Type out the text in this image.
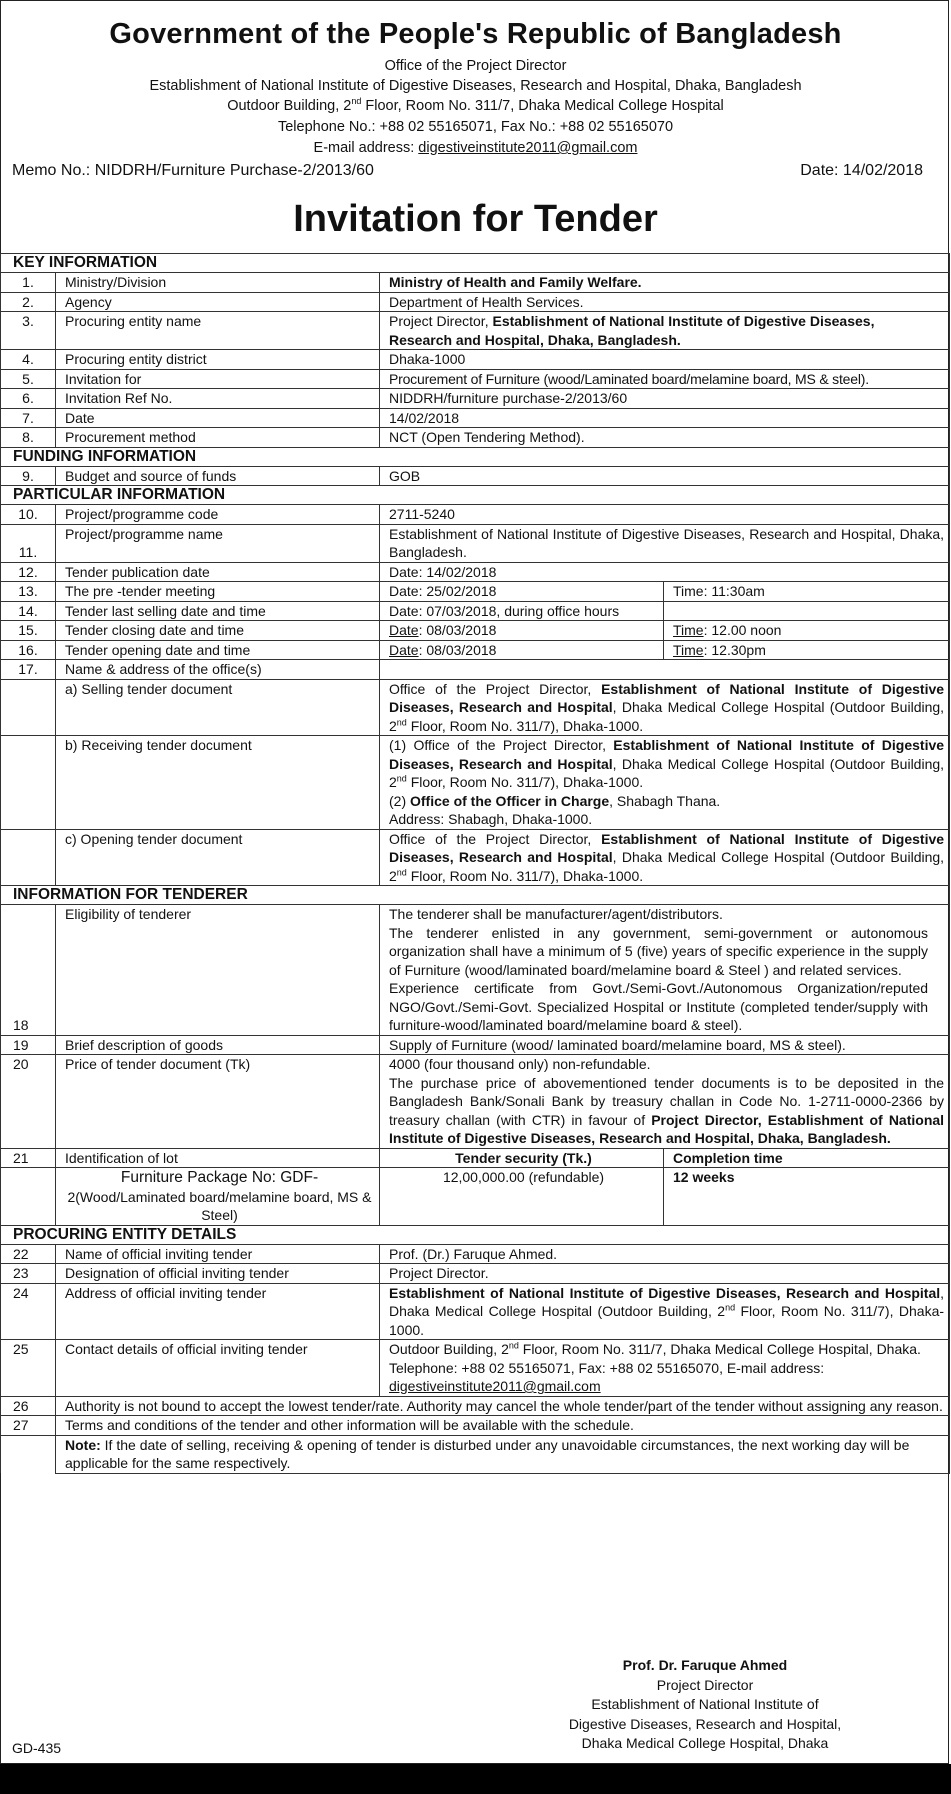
Government of the People's Republic of Bangladesh
Office of the Project Director
Establishment of National Institute of Digestive Diseases, Research and Hospital, Dhaka, Bangladesh
Outdoor Building, 2nd Floor, Room No. 311/7, Dhaka Medical College Hospital
Telephone No.: +88 02 55165071, Fax No.: +88 02 55165070
E-mail address: digestiveinstitute2011@gmail.com
Memo No.: NIDDRH/Furniture Purchase-2/2013/60	Date: 14/02/2018
Invitation for Tender
KEY INFORMATION			
1.	Ministry/Division	Ministry of Health and Family Welfare.	
2.	Agency	Department of Health Services.	
3.	Procuring entity name	Project Director, Establishment of National Institute of Digestive Diseases, Research and Hospital, Dhaka, Bangladesh.	
4.	Procuring entity district	Dhaka-1000	
5.	Invitation for	Procurement of Furniture (wood/Laminated board/melamine board, MS & steel).	
6.	Invitation Ref No.	NIDDRH/furniture purchase-2/2013/60	
7.	Date	14/02/2018	
8.	Procurement method	NCT (Open Tendering Method).	
FUNDING INFORMATION			
9.	Budget and source of funds	GOB	
PARTICULAR INFORMATION			
10.	Project/programme code	2711-5240	
11.	Project/programme name	Establishment of National Institute of Digestive Diseases, Research and Hospital, Dhaka, Bangladesh.	
12.	Tender publication date	Date: 14/02/2018	
13.	The pre -tender meeting	Date: 25/02/2018	Time: 11:30am
14.	Tender last selling date and time	Date: 07/03/2018, during office hours	
15.	Tender closing date and time	Date: 08/03/2018	Time: 12.00 noon
16.	Tender opening date and time	Date: 08/03/2018	Time: 12.30pm
17.	Name & address of the office(s)		
	a) Selling tender document	Office of the Project Director, Establishment of National Institute of Digestive Diseases, Research and Hospital, Dhaka Medical College Hospital (Outdoor Building, 2nd Floor, Room No. 311/7), Dhaka-1000.	
	b) Receiving tender document	(1) Office of the Project Director, Establishment of National Institute of Digestive Diseases, Research and Hospital, Dhaka Medical College Hospital (Outdoor Building, 2nd Floor, Room No. 311/7), Dhaka-1000.
(2) Office of the Officer in Charge, Shabagh Thana.
Address: Shabagh, Dhaka-1000.	
	c) Opening tender document	Office of the Project Director, Establishment of National Institute of Digestive Diseases, Research and Hospital, Dhaka Medical College Hospital (Outdoor Building, 2nd Floor, Room No. 311/7), Dhaka-1000.	
INFORMATION FOR TENDERER			
18	Eligibility of tenderer	The tenderer shall be manufacturer/agent/distributors.
The tenderer enlisted in any government, semi-government or autonomous organization shall have a minimum of 5 (five) years of specific experience in the supply of Furniture (wood/laminated board/melamine board & Steel ) and related services.
Experience certificate from Govt./Semi-Govt./Autonomous Organization/reputed NGO/Govt./Semi-Govt. Specialized Hospital or Institute (completed tender/supply with furniture-wood/laminated board/melamine board & steel).	

19	Brief description of goods	Supply of Furniture (wood/ laminated board/melamine board, MS & steel).	
20	Price of tender document (Tk)	4000 (four thousand only) non-refundable.
The purchase price of abovementioned tender documents is to be deposited in the Bangladesh Bank/Sonali Bank by treasury challan in Code No. 1-2711-0000-2366 by treasury challan (with CTR) in favour of Project Director, Establishment of National Institute of Digestive Diseases, Research and Hospital, Dhaka, Bangladesh.	

21	Identification of lot	Tender security (Tk.)	Completion time
	Furniture Package No: GDF-
2(Wood/Laminated board/melamine board, MS & Steel)	12,00,000.00 (refundable)	12 weeks
PROCURING ENTITY DETAILS			
22	Name of official inviting tender	Prof. (Dr.) Faruque Ahmed.	
23	Designation of official inviting tender	Project Director.	
24	Address of official inviting tender	Establishment of National Institute of Digestive Diseases, Research and Hospital, Dhaka Medical College Hospital (Outdoor Building, 2nd Floor, Room No. 311/7), Dhaka-1000.	
25	Contact details of official inviting tender	Outdoor Building, 2nd Floor, Room No. 311/7, Dhaka Medical College Hospital, Dhaka.
Telephone: +88 02 55165071, Fax: +88 02 55165070, E-mail address:
digestiveinstitute2011@gmail.com	

26	Authority is not bound to accept the lowest tender/rate. Authority may cancel the whole tender/part of the tender without assigning any reason.		
27	Terms and conditions of the tender and other information will be available with the schedule.		
	Note: If the date of selling, receiving & opening of tender is disturbed under any unavoidable circumstances, the next working day will be applicable for the same respectively.		
Prof. Dr. Faruque Ahmed
Project Director
Establishment of National Institute of
Digestive Diseases, Research and Hospital,
Dhaka Medical College Hospital, Dhaka
GD-435
